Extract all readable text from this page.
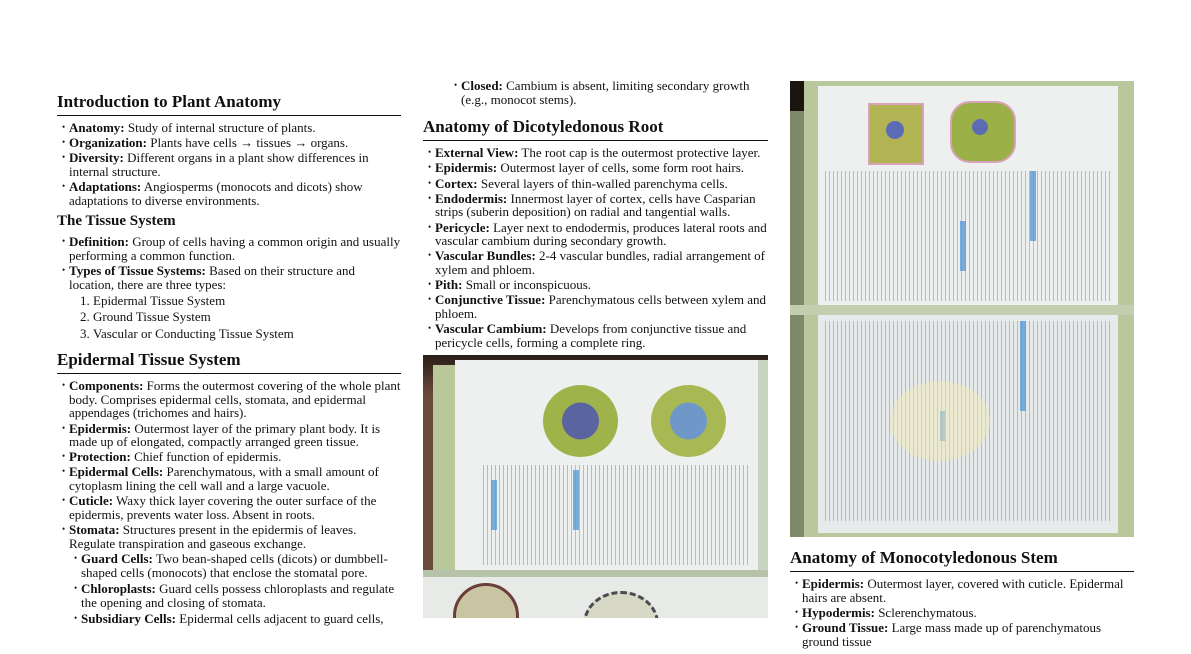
Introduction to Plant Anatomy
• Anatomy: Study of internal structure of plants.
• Organization: Plants have cells → tissues → organs.
• Diversity: Different organs in a plant show differences in internal structure.
• Adaptations: Angiosperms (monocots and dicots) show adaptations to diverse environments.
The Tissue System
• Definition: Group of cells having a common origin and usually performing a common function.
• Types of Tissue Systems: Based on their structure and location, there are three types:
1. Epidermal Tissue System
2. Ground Tissue System
3. Vascular or Conducting Tissue System
Epidermal Tissue System
• Components: Forms the outermost covering of the whole plant body. Comprises epidermal cells, stomata, and epidermal appendages (trichomes and hairs).
• Epidermis: Outermost layer of the primary plant body. It is made up of elongated, compactly arranged green tissue.
• Protection: Chief function of epidermis.
• Epidermal Cells: Parenchymatous, with a small amount of cytoplasm lining the cell wall and a large vacuole.
• Cuticle: Waxy thick layer covering the outer surface of the epidermis, prevents water loss. Absent in roots.
• Stomata: Structures present in the epidermis of leaves. Regulate transpiration and gaseous exchange.
• Guard Cells: Two bean-shaped cells (dicots) or dumbbell-shaped cells (monocots) that enclose the stomatal pore.
• Chloroplasts: Guard cells possess chloroplasts and regulate the opening and closing of stomata.
• Subsidiary Cells: Epidermal cells adjacent to guard cells,
• Closed: Cambium is absent, limiting secondary growth (e.g., monocot stems).
Anatomy of Dicotyledonous Root
• External View: The root cap is the outermost protective layer.
• Epidermis: Outermost layer of cells, some form root hairs.
• Cortex: Several layers of thin-walled parenchyma cells.
• Endodermis: Innermost layer of cortex, cells have Casparian strips (suberin deposition) on radial and tangential walls.
• Pericycle: Layer next to endodermis, produces lateral roots and vascular cambium during secondary growth.
• Vascular Bundles: 2-4 vascular bundles, radial arrangement of xylem and phloem.
• Pith: Small or inconspicuous.
• Conjunctive Tissue: Parenchymatous cells between xylem and phloem.
• Vascular Cambium: Develops from conjunctive tissue and pericycle cells, forming a complete ring.
Anatomy of Monocotyledonous Stem
• Epidermis: Outermost layer, covered with cuticle. Epidermal hairs are absent.
• Hypodermis: Sclerenchymatous.
• Ground Tissue: Large mass made up of parenchymatous ground tissue
